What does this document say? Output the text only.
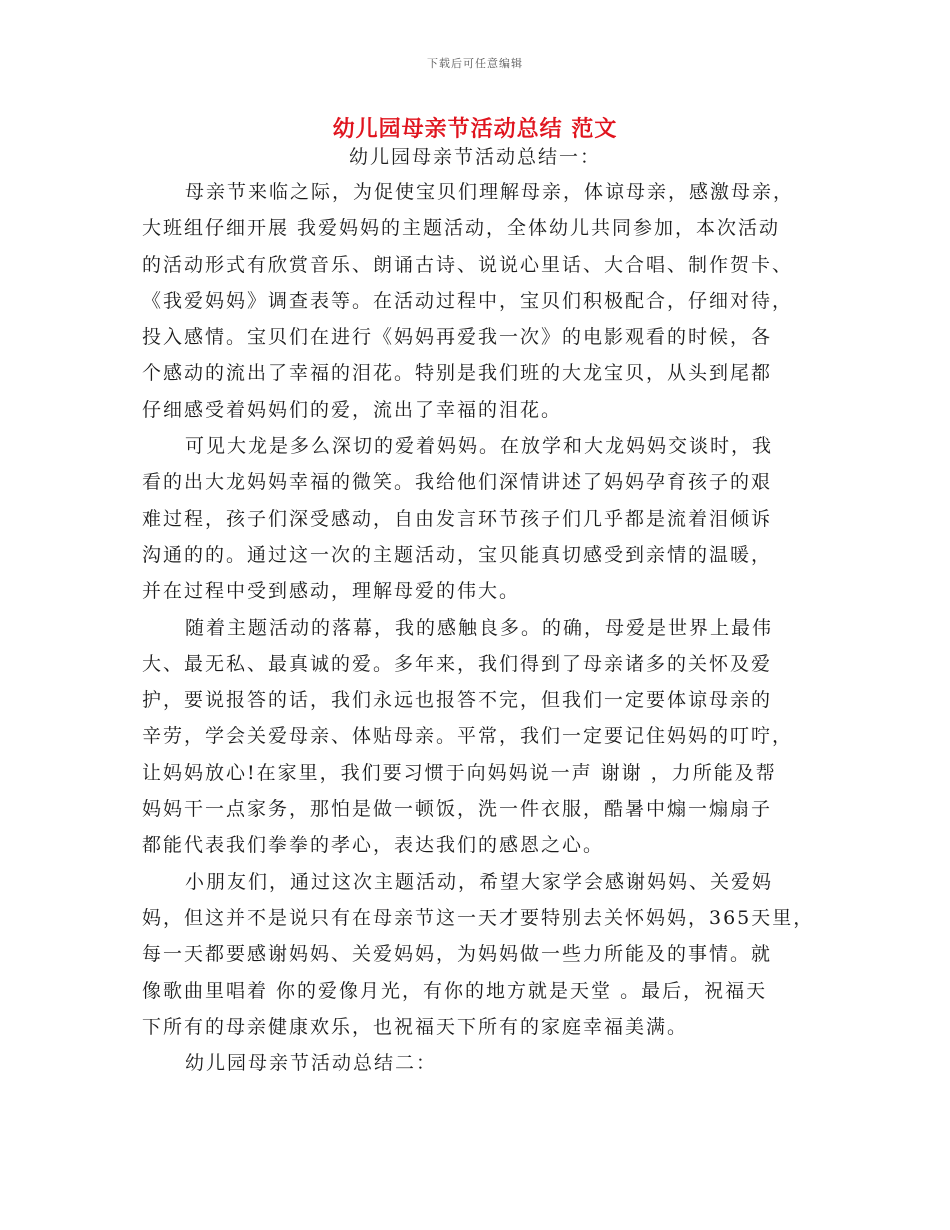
下载后可任意编辑
幼儿园母亲节活动总结 范文
幼儿园母亲节活动总结一：
母亲节来临之际，为促使宝贝们理解母亲，体谅母亲，感激母亲，
大班组仔细开展 我爱妈妈的主题活动，全体幼儿共同参加，本次活动
的活动形式有欣赏音乐、朗诵古诗、说说心里话、大合唱、制作贺卡、
《我爱妈妈》调查表等。在活动过程中，宝贝们积极配合，仔细对待，
投入感情。宝贝们在进行《妈妈再爱我一次》的电影观看的时候，各
个感动的流出了幸福的泪花。特别是我们班的大龙宝贝，从头到尾都
仔细感受着妈妈们的爱，流出了幸福的泪花。
可见大龙是多么深切的爱着妈妈。在放学和大龙妈妈交谈时，我
看的出大龙妈妈幸福的微笑。我给他们深情讲述了妈妈孕育孩子的艰
难过程，孩子们深受感动，自由发言环节孩子们几乎都是流着泪倾诉
沟通的的。通过这一次的主题活动，宝贝能真切感受到亲情的温暖，
并在过程中受到感动，理解母爱的伟大。
随着主题活动的落幕，我的感触良多。的确，母爱是世界上最伟
大、最无私、最真诚的爱。多年来，我们得到了母亲诸多的关怀及爱
护，要说报答的话，我们永远也报答不完，但我们一定要体谅母亲的
辛劳，学会关爱母亲、体贴母亲。平常，我们一定要记住妈妈的叮咛，
让妈妈放心!在家里，我们要习惯于向妈妈说一声 谢谢 ，力所能及帮
妈妈干一点家务，那怕是做一顿饭，洗一件衣服，酷暑中煽一煽扇子
都能代表我们拳拳的孝心，表达我们的感恩之心。
小朋友们，通过这次主题活动，希望大家学会感谢妈妈、关爱妈
妈，但这并不是说只有在母亲节这一天才要特别去关怀妈妈，365天里，
每一天都要感谢妈妈、关爱妈妈，为妈妈做一些力所能及的事情。就
像歌曲里唱着 你的爱像月光，有你的地方就是天堂 。最后，祝福天
下所有的母亲健康欢乐，也祝福天下所有的家庭幸福美满。
幼儿园母亲节活动总结二：
